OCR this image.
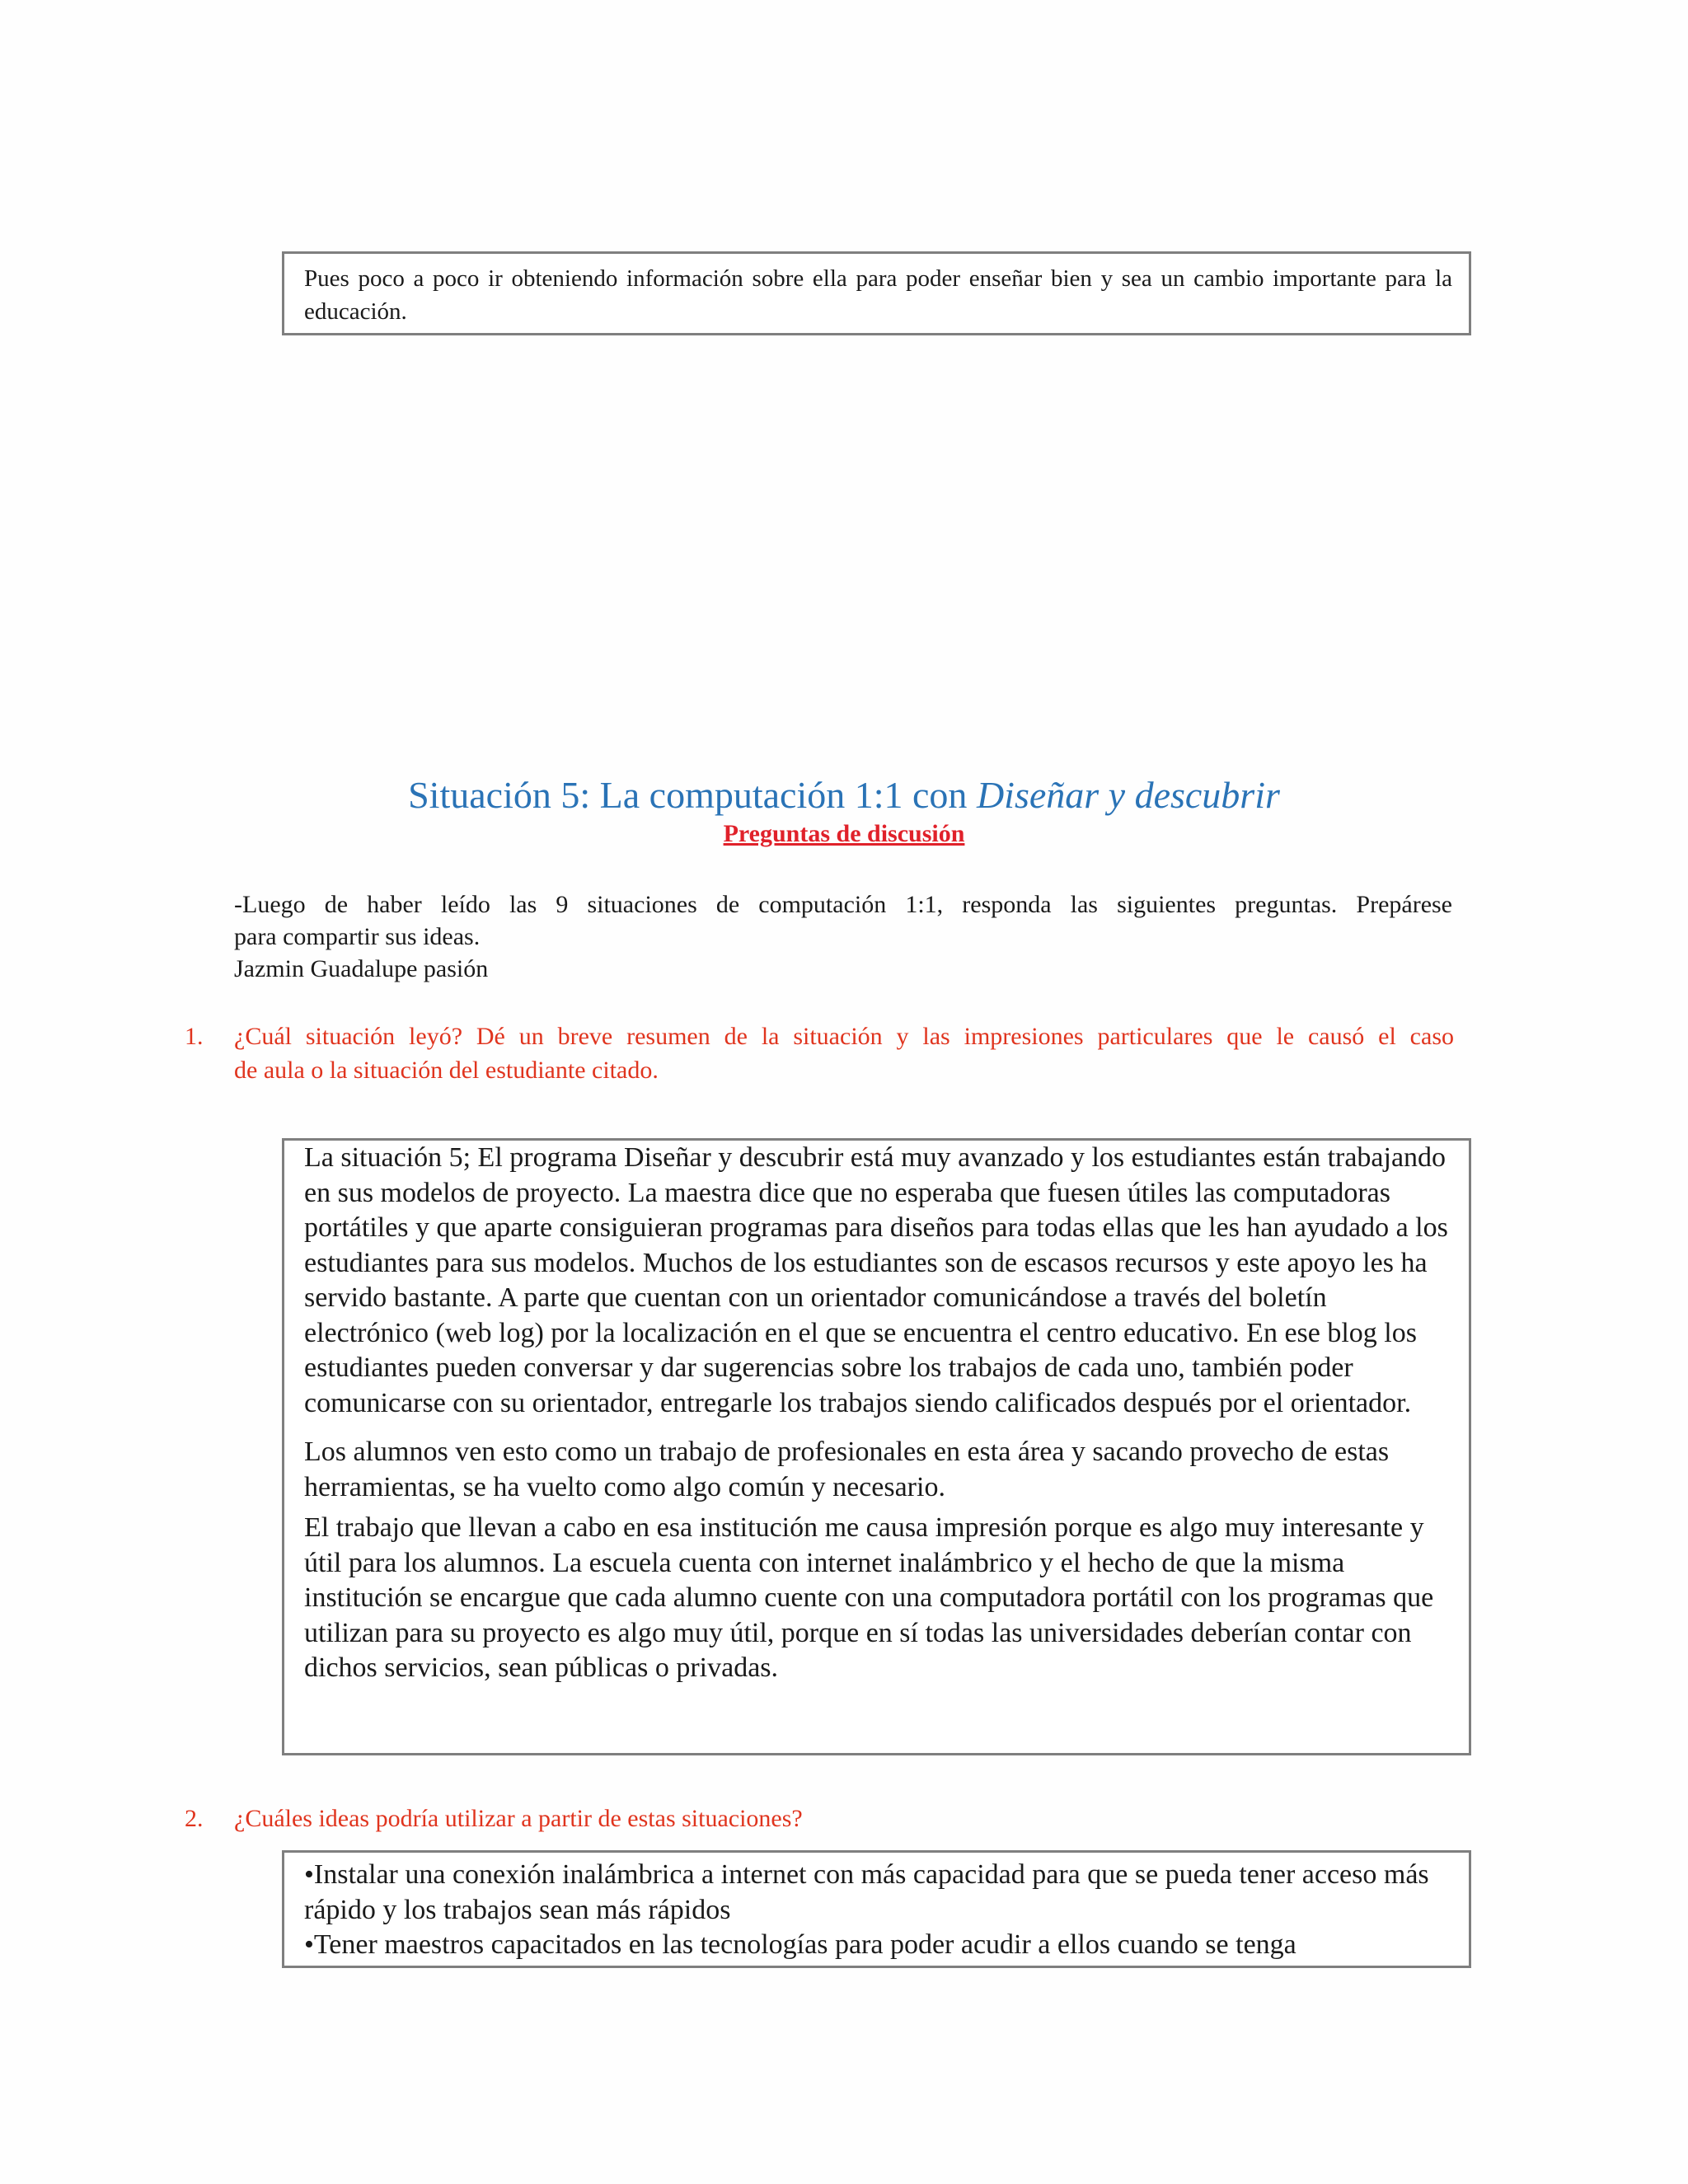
Pues poco a poco ir obteniendo información sobre ella para poder enseñar bien y sea un cambio importante para la educación.

Situación 5: La computación 1:1 con Diseñar y descubrir
Preguntas de discusión

-Luego de haber leído las 9 situaciones de computación 1:1, responda las siguientes preguntas. Prepárese

para compartir sus ideas.

Jazmin Guadalupe pasión

1. ¿Cuál situación leyó? Dé un breve resumen de la situación y las impresiones particulares que le causó el caso
de aula o la situación del estudiante citado.

La situación 5; El programa Diseñar y descubrir está muy avanzado y los estudiantes están trabajando en sus modelos de proyecto. La maestra dice que no esperaba que fuesen útiles las computadoras portátiles y que aparte consiguieran programas para diseños para todas ellas que les han ayudado a los estudiantes para sus modelos. Muchos de los estudiantes son de escasos recursos y este apoyo les ha servido bastante. A parte que cuentan con un orientador comunicándose a través del boletín electrónico (web log) por la localización en el que se encuentra el centro educativo. En ese blog los estudiantes pueden conversar y dar sugerencias sobre los trabajos de cada uno, también poder comunicarse con su orientador, entregarle los trabajos siendo calificados después por el orientador.

Los alumnos ven esto como un trabajo de profesionales en esta área y sacando provecho de estas herramientas, se ha vuelto como algo común y necesario.

El trabajo que llevan a cabo en esa institución me causa impresión porque es algo muy interesante y útil para los alumnos. La escuela cuenta con internet inalámbrico y el hecho de que la misma institución se encargue que cada alumno cuente con una computadora portátil con los programas que utilizan para su proyecto es algo muy útil, porque en sí todas las universidades deberían contar con dichos servicios, sean públicas o privadas.

2. ¿Cuáles ideas podría utilizar a partir de estas situaciones?

•Instalar una conexión inalámbrica a internet con más capacidad para que se pueda tener acceso más rápido y los trabajos sean más rápidos

•Tener maestros capacitados en las tecnologías para poder acudir a ellos cuando se tenga
